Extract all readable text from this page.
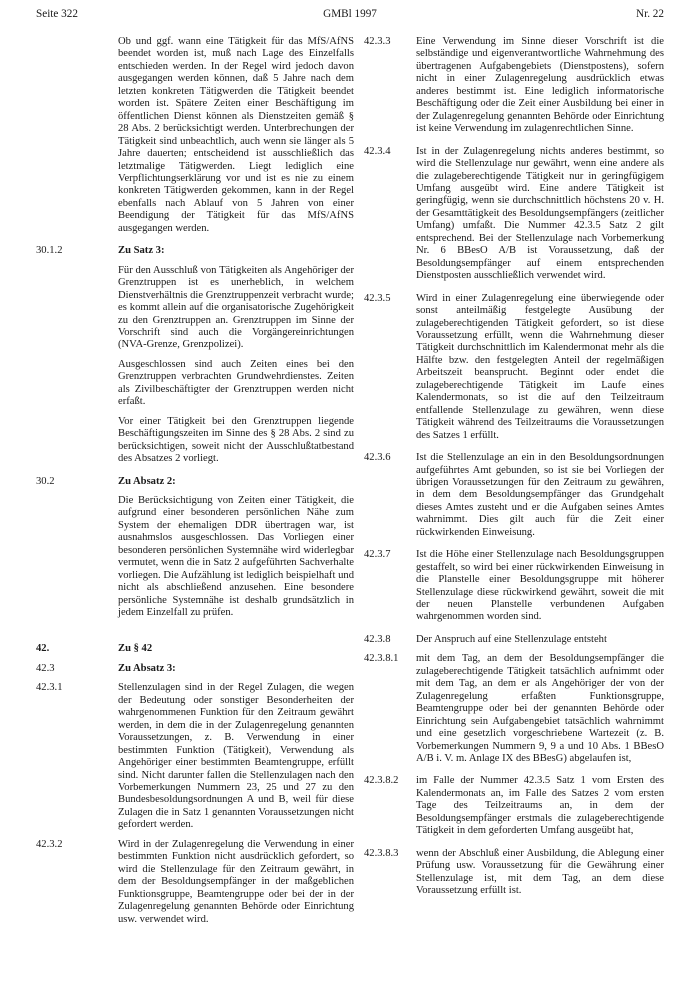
Seite 322	GMBl 1997	Nr. 22

Ob und ggf. wann eine Tätigkeit für das MfS/AfNS beendet worden ist, muß nach Lage des Einzelfalls entschieden werden. In der Regel wird jedoch davon ausgegangen werden können, daß 5 Jahre nach dem letzten konkreten Tätigwerden die Tätigkeit beendet worden ist. Spätere Zeiten einer Beschäftigung im öffentlichen Dienst können als Dienstzeiten gemäß § 28 Abs. 2 berücksichtigt werden. Unterbrechungen der Tätigkeit sind unbeachtlich, auch wenn sie länger als 5 Jahre dauerten; entscheidend ist ausschließlich das letztmalige Tätigwerden. Liegt lediglich eine Verpflichtungserklärung vor und ist es nie zu einem konkreten Tätigwerden gekommen, kann in der Regel ebenfalls nach Ablauf von 5 Jahren von einer Beendigung der Tätigkeit für das MfS/AfNS ausgegangen werden.

30.1.2	Zu Satz 3:

Für den Ausschluß von Tätigkeiten als Angehöriger der Grenztruppen ist es unerheblich, in welchem Dienstverhältnis die Grenztruppenzeit verbracht wurde; es kommt allein auf die organisatorische Zugehörigkeit zu den Grenztruppen an. Grenztruppen im Sinne der Vorschrift sind auch die Vorgängereinrichtungen (NVA-Grenze, Grenzpolizei).

Ausgeschlossen sind auch Zeiten eines bei den Grenztruppen verbrachten Grundwehrdienstes. Zeiten als Zivilbeschäftigter der Grenztruppen werden nicht erfaßt.

Vor einer Tätigkeit bei den Grenztruppen liegende Beschäftigungszeiten im Sinne des § 28 Abs. 2 sind zu berücksichtigen, soweit nicht der Ausschlußtatbestand des Absatzes 2 vorliegt.

30.2	Zu Absatz 2:

Die Berücksichtigung von Zeiten einer Tätigkeit, die aufgrund einer besonderen persönlichen Nähe zum System der ehemaligen DDR übertragen war, ist ausnahmslos ausgeschlossen. Das Vorliegen einer besonderen persönlichen Systemnähe wird widerlegbar vermutet, wenn die in Satz 2 aufgeführten Sachverhalte vorliegen. Die Aufzählung ist lediglich beispielhaft und nicht als abschließend anzusehen. Eine besondere persönliche Systemnähe ist deshalb grundsätzlich in jedem Einzelfall zu prüfen.

42.	Zu § 42

42.3	Zu Absatz 3:

42.3.1	Stellenzulagen sind in der Regel Zulagen, die wegen der Bedeutung oder sonstiger Besonderheiten der wahrgenommenen Funktion für den Zeitraum gewährt werden, in dem die in der Zulagenregelung genannten Voraussetzungen, z. B. Verwendung in einer bestimmten Funktion (Tätigkeit), Verwendung als Angehöriger einer bestimmten Beamtengruppe, erfüllt sind. Nicht darunter fallen die Stellenzulagen nach den Vorbemerkungen Nummern 23, 25 und 27 zu den Bundesbesoldungsordnungen A und B, weil für diese Zulagen die in Satz 1 genannten Voraussetzungen nicht gefordert werden.

42.3.2	Wird in der Zulagenregelung die Verwendung in einer bestimmten Funktion nicht ausdrücklich gefordert, so wird die Stellenzulage für den Zeitraum gewährt, in dem der Besoldungsempfänger in der maßgeblichen Funktionsgruppe, Beamtengruppe oder bei der in der Zulagenregelung genannten Behörde oder Einrichtung usw. verwendet wird.

42.3.3	Eine Verwendung im Sinne dieser Vorschrift ist die selbständige und eigenverantwortliche Wahrnehmung des übertragenen Aufgabengebiets (Dienstpostens), sofern nicht in einer Zulagenregelung ausdrücklich etwas anderes bestimmt ist. Eine lediglich informatorische Beschäftigung oder die Zeit einer Ausbildung bei einer in der Zulagenregelung genannten Behörde oder Einrichtung ist keine Verwendung im zulagenrechtlichen Sinne.

42.3.4	Ist in der Zulagenregelung nichts anderes bestimmt, so wird die Stellenzulage nur gewährt, wenn eine andere als die zulageberechtigende Tätigkeit nur in geringfügigem Umfang ausgeübt wird. Eine andere Tätigkeit ist geringfügig, wenn sie durchschnittlich höchstens 20 v. H. der Gesamttätigkeit des Besoldungsempfängers (zeitlicher Umfang) umfaßt. Die Nummer 42.3.5 Satz 2 gilt entsprechend. Bei der Stellenzulage nach Vorbemerkung Nr. 6 BBesO A/B ist Voraussetzung, daß der Besoldungsempfänger auf einem entsprechenden Dienstposten ausschließlich verwendet wird.

42.3.5	Wird in einer Zulagenregelung eine überwiegende oder sonst anteilmäßig festgelegte Ausübung der zulageberechtigenden Tätigkeit gefordert, so ist diese Voraussetzung erfüllt, wenn die Wahrnehmung dieser Tätigkeit durchschnittlich im Kalendermonat mehr als die Hälfte bzw. den festgelegten Anteil der regelmäßigen Arbeitszeit beansprucht. Beginnt oder endet die zulageberechtigende Tätigkeit im Laufe eines Kalendermonats, so ist die auf den Teilzeitraum entfallende Stellenzulage zu gewähren, wenn diese Tätigkeit während des Teilzeitraums die Voraussetzungen des Satzes 1 erfüllt.

42.3.6	Ist die Stellenzulage an ein in den Besoldungsordnungen aufgeführtes Amt gebunden, so ist sie bei Vorliegen der übrigen Voraussetzungen für den Zeitraum zu gewähren, in dem dem Besoldungsempfänger das Grundgehalt dieses Amtes zusteht und er die Aufgaben seines Amtes wahrnimmt. Dies gilt auch für die Zeit einer rückwirkenden Einweisung.

42.3.7	Ist die Höhe einer Stellenzulage nach Besoldungsgruppen gestaffelt, so wird bei einer rückwirkenden Einweisung in die Planstelle einer Besoldungsgruppe mit höherer Stellenzulage diese rückwirkend gewährt, soweit die mit der neuen Planstelle verbundenen Aufgaben wahrgenommen worden sind.

42.3.8	Der Anspruch auf eine Stellenzulage entsteht

42.3.8.1	mit dem Tag, an dem der Besoldungsempfänger die zulageberechtigende Tätigkeit tatsächlich aufnimmt oder mit dem Tag, an dem er als Angehöriger der von der Zulagenregelung erfaßten Funktionsgruppe, Beamtengruppe oder bei der genannten Behörde oder Einrichtung sein Aufgabengebiet tatsächlich wahrnimmt und eine gesetzlich vorgeschriebene Wartezeit (z. B. Vorbemerkungen Nummern 9, 9 a und 10 Abs. 1 BBesO A/B i. V. m. Anlage IX des BBesG) abgelaufen ist,

42.3.8.2	im Falle der Nummer 42.3.5 Satz 1 vom Ersten des Kalendermonats an, im Falle des Satzes 2 vom ersten Tage des Teilzeitraums an, in dem der Besoldungsempfänger erstmals die zulageberechtigende Tätigkeit in dem geforderten Umfang ausgeübt hat,

42.3.8.3	wenn der Abschluß einer Ausbildung, die Ablegung einer Prüfung usw. Voraussetzung für die Gewährung einer Stellenzulage ist, mit dem Tag, an dem diese Voraussetzung erfüllt ist.
